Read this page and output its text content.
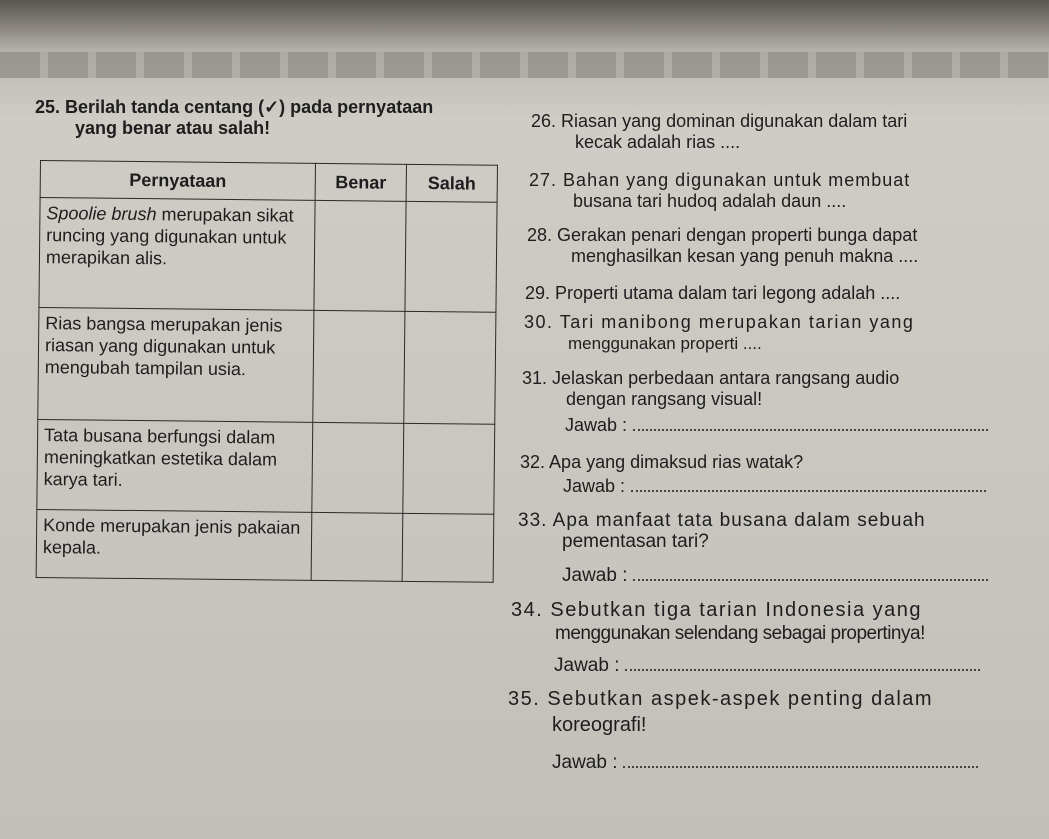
25. Berilah tanda centang (✓) pada pernyataan
yang benar atau salah!
Pernyataan	Benar	Salah
Spoolie brush merupakan sikat runcing yang digunakan untuk merapikan alis.		
Rias bangsa merupakan jenis riasan yang digunakan untuk mengubah tampilan usia.		
Tata busana berfungsi dalam meningkatkan estetika dalam karya tari.		
Konde merupakan jenis pakaian kepala.		
26. Riasan yang dominan digunakan dalam tari
kecak adalah rias ....
27. Bahan yang digunakan untuk membuat
busana tari hudoq adalah daun ....
28. Gerakan penari dengan properti bunga dapat
menghasilkan kesan yang penuh makna ....
29. Properti utama dalam tari legong adalah ....
30. Tari manibong merupakan tarian yang
menggunakan properti ....
31. Jelaskan perbedaan antara rangsang audio
dengan rangsang visual!
Jawab :
32. Apa yang dimaksud rias watak?
Jawab :
33. Apa manfaat tata busana dalam sebuah
pementasan tari?
Jawab :
34. Sebutkan tiga tarian Indonesia yang
menggunakan selendang sebagai propertinya!
Jawab :
35. Sebutkan aspek-aspek penting dalam
koreografi!
Jawab :
